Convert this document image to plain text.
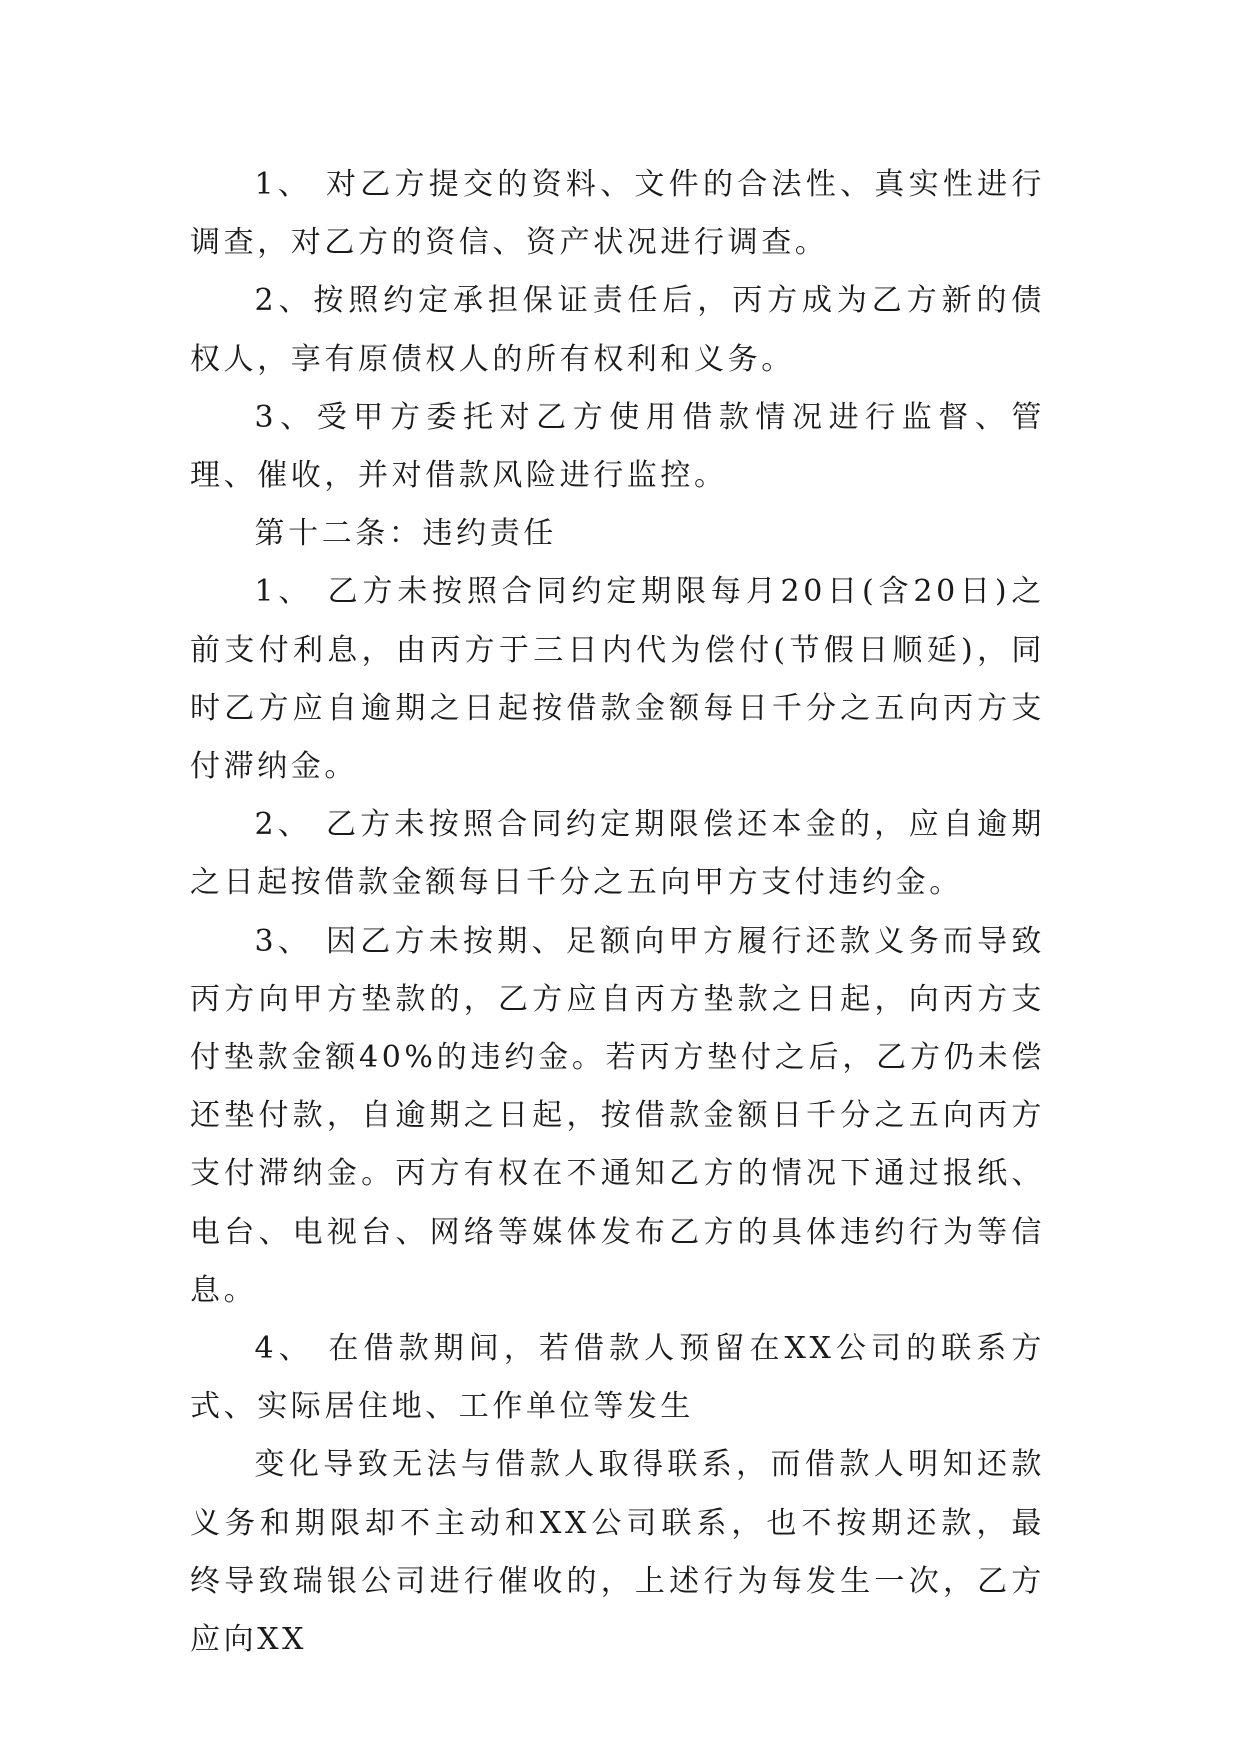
1、 对乙方提交的资料、文件的合法性、真实性进行调查，对乙方的资信、资产状况进行调查。

2、按照约定承担保证责任后，丙方成为乙方新的债权人，享有原债权人的所有权利和义务。

3、受甲方委托对乙方使用借款情况进行监督、管理、催收，并对借款风险进行监控。

第十二条：违约责任

1、 乙方未按照合同约定期限每月20日(含20日)之前支付利息，由丙方于三日内代为偿付(节假日顺延)，同时乙方应自逾期之日起按借款金额每日千分之五向丙方支付滞纳金。

2、 乙方未按照合同约定期限偿还本金的，应自逾期之日起按借款金额每日千分之五向甲方支付违约金。

3、 因乙方未按期、足额向甲方履行还款义务而导致丙方向甲方垫款的，乙方应自丙方垫款之日起，向丙方支付垫款金额40%的违约金。若丙方垫付之后，乙方仍未偿还垫付款，自逾期之日起，按借款金额日千分之五向丙方支付滞纳金。丙方有权在不通知乙方的情况下通过报纸、电台、电视台、网络等媒体发布乙方的具体违约行为等信息。

4、 在借款期间，若借款人预留在XX公司的联系方式、实际居住地、工作单位等发生

变化导致无法与借款人取得联系，而借款人明知还款义务和期限却不主动和XX公司联系，也不按期还款，最终导致瑞银公司进行催收的，上述行为每发生一次，乙方应向XX
